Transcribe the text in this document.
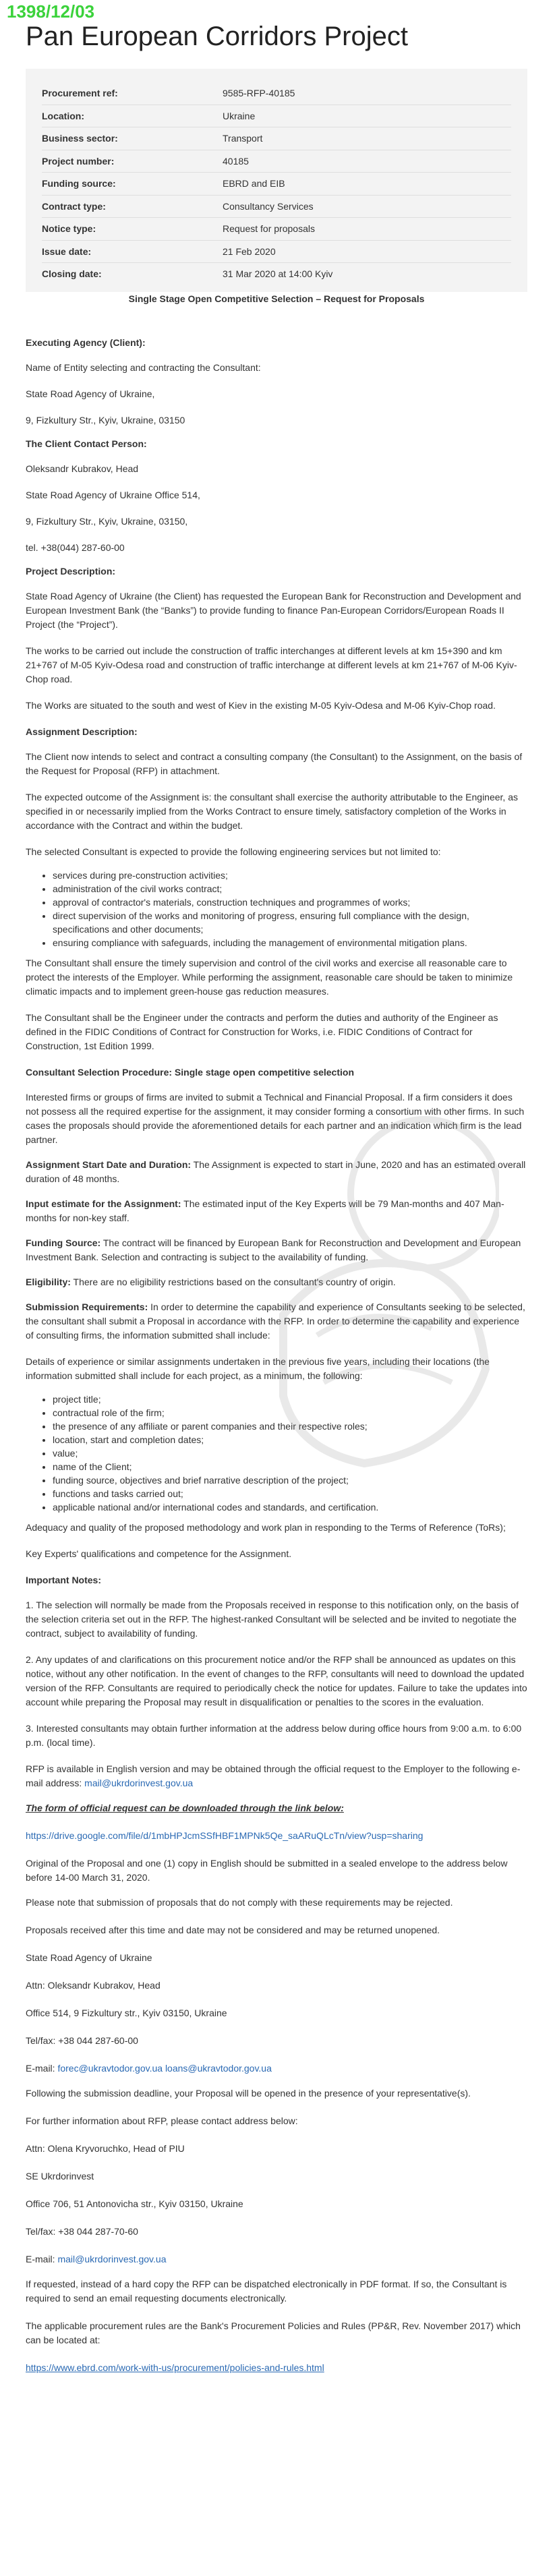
1398/12/03
Pan European Corridors Project
Procurement ref:	9585-RFP-40185
Location:	Ukraine
Business sector:	Transport
Project number:	40185
Funding source:	EBRD and EIB
Contract type:	Consultancy Services
Notice type:	Request for proposals
Issue date:	21 Feb 2020
Closing date:	31 Mar 2020 at 14:00 Kyiv

Single Stage Open Competitive Selection – Request for Proposals

Executing Agency (Client):

Name of Entity selecting and contracting the Consultant:

State Road Agency of Ukraine,

9, Fizkultury Str., Kyiv, Ukraine, 03150

The Client Contact Person:

Oleksandr Kubrakov, Head

State Road Agency of Ukraine Office 514,

9, Fizkultury Str., Kyiv, Ukraine, 03150,

tel. +38(044) 287-60-00

Project Description:

State Road Agency of Ukraine (the Client) has requested the European Bank for Reconstruction and Development and European Investment Bank (the “Banks”) to provide funding to finance Pan-European Corridors/European Roads II Project (the “Project”).

The works to be carried out include the construction of traffic interchanges at different levels at km 15+390 and km 21+767 of M-05 Kyiv-Odesa road and construction of traffic interchange at different levels at km 21+767 of M-06 Kyiv-Chop road.

The Works are situated to the south and west of Kiev in the existing M-05 Kyiv-Odesa and M-06 Kyiv-Chop road.

Assignment Description:

The Client now intends to select and contract a consulting company (the Consultant) to the Assignment, on the basis of the Request for Proposal (RFP) in attachment.

The expected outcome of the Assignment is: the consultant shall exercise the authority attributable to the Engineer, as specified in or necessarily implied from the Works Contract to ensure timely, satisfactory completion of the Works in accordance with the Contract and within the budget.

The selected Consultant is expected to provide the following engineering services but not limited to:

• services during pre-construction activities;
• administration of the civil works contract;
• approval of contractor's materials, construction techniques and programmes of works;
• direct supervision of the works and monitoring of progress, ensuring full compliance with the design, specifications and other documents;
• ensuring compliance with safeguards, including the management of environmental mitigation plans.

The Consultant shall ensure the timely supervision and control of the civil works and exercise all reasonable care to protect the interests of the Employer. While performing the assignment, reasonable care should be taken to minimize climatic impacts and to implement green-house gas reduction measures.

The Consultant shall be the Engineer under the contracts and perform the duties and authority of the Engineer as defined in the FIDIC Conditions of Contract for Construction for Works, i.e. FIDIC Conditions of Contract for Construction, 1st Edition 1999.

Consultant Selection Procedure: Single stage open competitive selection

Interested firms or groups of firms are invited to submit a Technical and Financial Proposal. If a firm considers it does not possess all the required expertise for the assignment, it may consider forming a consortium with other firms. In such cases the proposals should provide the aforementioned details for each partner and an indication which firm is the lead partner.

Assignment Start Date and Duration: The Assignment is expected to start in June, 2020 and has an estimated overall duration of 48 months.

Input estimate for the Assignment: The estimated input of the Key Experts will be 79 Man-months and 407 Man-months for non-key staff.

Funding Source: The contract will be financed by European Bank for Reconstruction and Development and European Investment Bank. Selection and contracting is subject to the availability of funding.

Eligibility: There are no eligibility restrictions based on the consultant's country of origin.

Submission Requirements: In order to determine the capability and experience of Consultants seeking to be selected, the consultant shall submit a Proposal in accordance with the RFP. In order to determine the capability and experience of consulting firms, the information submitted shall include:

Details of experience or similar assignments undertaken in the previous five years, including their locations (the information submitted shall include for each project, as a minimum, the following:

• project title;
• contractual role of the firm;
• the presence of any affiliate or parent companies and their respective roles;
• location, start and completion dates;
• value;
• name of the Client;
• funding source, objectives and brief narrative description of the project;
• functions and tasks carried out;
• applicable national and/or international codes and standards, and certification.

Adequacy and quality of the proposed methodology and work plan in responding to the Terms of Reference (ToRs);

Key Experts' qualifications and competence for the Assignment.

Important Notes:

1. The selection will normally be made from the Proposals received in response to this notification only, on the basis of the selection criteria set out in the RFP. The highest-ranked Consultant will be selected and be invited to negotiate the contract, subject to availability of funding.

2. Any updates of and clarifications on this procurement notice and/or the RFP shall be announced as updates on this notice, without any other notification. In the event of changes to the RFP, consultants will need to download the updated version of the RFP. Consultants are required to periodically check the notice for updates. Failure to take the updates into account while preparing the Proposal may result in disqualification or penalties to the scores in the evaluation.

3. Interested consultants may obtain further information at the address below during office hours from 9:00 a.m. to 6:00 p.m. (local time).

RFP is available in English version and may be obtained through the official request to the Employer to the following e-mail address: mail@ukrdorinvest.gov.ua

The form of official request can be downloaded through the link below:

https://drive.google.com/file/d/1mbHPJcmSSfHBF1MPNk5Qe_saARuQLcTn/view?usp=sharing

Original of the Proposal and one (1) copy in English should be submitted in a sealed envelope to the address below before 14-00 March 31, 2020.

Please note that submission of proposals that do not comply with these requirements may be rejected.

Proposals received after this time and date may not be considered and may be returned unopened.

State Road Agency of Ukraine

Attn: Oleksandr Kubrakov, Head

Office 514, 9 Fizkultury str., Kyiv 03150, Ukraine

Tel/fax: +38 044 287-60-00

E-mail: forec@ukravtodor.gov.ua loans@ukravtodor.gov.ua

Following the submission deadline, your Proposal will be opened in the presence of your representative(s).

For further information about RFP, please contact address below:

Attn: Olena Kryvoruchko, Head of PIU

SE Ukrdorinvest

Office 706, 51 Antonovicha str., Kyiv 03150, Ukraine

Tel/fax: +38 044 287-70-60

E-mail: mail@ukrdorinvest.gov.ua

If requested, instead of a hard copy the RFP can be dispatched electronically in PDF format. If so, the Consultant is required to send an email requesting documents electronically.

The applicable procurement rules are the Bank's Procurement Policies and Rules (PP&R, Rev. November 2017) which can be located at:

https://www.ebrd.com/work-with-us/procurement/policies-and-rules.html
